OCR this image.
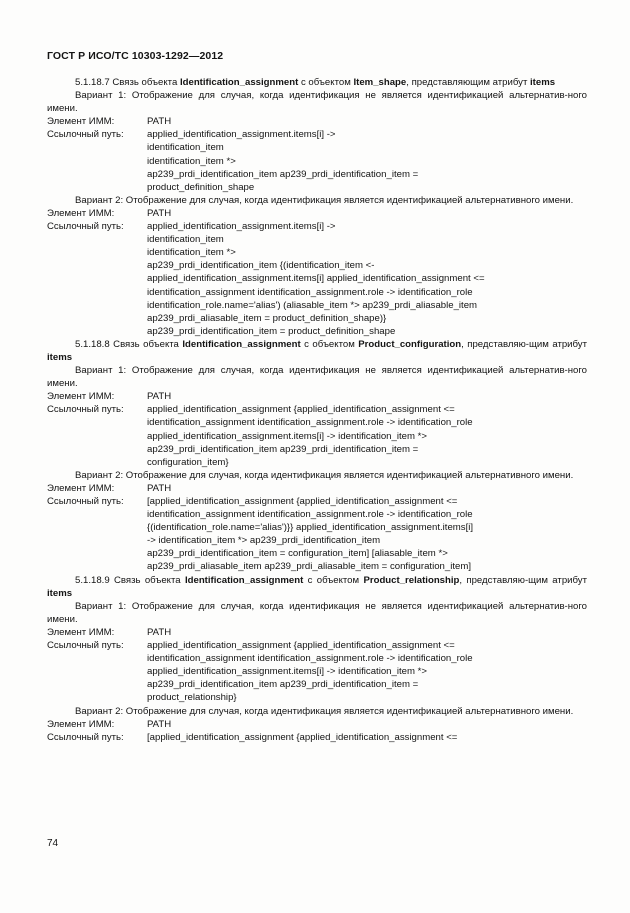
ГОСТ Р ИСО/ТС 10303-1292—2012

5.1.18.7 Связь объекта Identification_assignment с объектом Item_shape, представляющим атрибут items

Вариант 1: Отображение для случая, когда идентификация не является идентификацией альтернатив-ного имени.

Элемент ИММ:	PATH
Ссылочный путь:	applied_identification_assignment.items[i] ->
identification_item
identification_item *>
ap239_prdi_identification_item ap239_prdi_identification_item =
product_definition_shape

Вариант 2: Отображение для случая, когда идентификация является идентификацией альтернативного имени.

Элемент ИММ:	PATH
Ссылочный путь:	applied_identification_assignment.items[i] ->
identification_item
identification_item *>
ap239_prdi_identification_item {(identification_item <-
applied_identification_assignment.items[i] applied_identification_assignment <=
identification_assignment identification_assignment.role -> identification_role
identification_role.name='alias') (aliasable_item *> ap239_prdi_aliasable_item
ap239_prdi_aliasable_item = product_definition_shape)}
ap239_prdi_identification_item = product_definition_shape

5.1.18.8 Связь объекта Identification_assignment с объектом Product_configuration, представляю-щим атрибут items

Вариант 1: Отображение для случая, когда идентификация не является идентификацией альтернатив-ного имени.

Элемент ИММ:	PATH
Ссылочный путь:	applied_identification_assignment {applied_identification_assignment <=
identification_assignment identification_assignment.role -> identification_role
applied_identification_assignment.items[i] -> identification_item *>
ap239_prdi_identification_item ap239_prdi_identification_item =
configuration_item}

Вариант 2: Отображение для случая, когда идентификация является идентификацией альтернативного имени.

Элемент ИММ:	PATH
Ссылочный путь:	[applied_identification_assignment {applied_identification_assignment <=
identification_assignment identification_assignment.role -> identification_role
{(identification_role.name='alias')}} applied_identification_assignment.items[i]
-> identification_item *> ap239_prdi_identification_item
ap239_prdi_identification_item = configuration_item] [aliasable_item *>
ap239_prdi_aliasable_item ap239_prdi_aliasable_item = configuration_item]

5.1.18.9 Связь объекта Identification_assignment с объектом Product_relationship, представляю-щим атрибут items

Вариант 1: Отображение для случая, когда идентификация не является идентификацией альтернатив-ного имени.

Элемент ИММ:	PATH
Ссылочный путь:	applied_identification_assignment {applied_identification_assignment <=
identification_assignment identification_assignment.role -> identification_role
applied_identification_assignment.items[i] -> identification_item *>
ap239_prdi_identification_item ap239_prdi_identification_item =
product_relationship}

Вариант 2: Отображение для случая, когда идентификация является идентификацией альтернативного имени.

Элемент ИММ:	PATH
Ссылочный путь:	[applied_identification_assignment {applied_identification_assignment <=
74
